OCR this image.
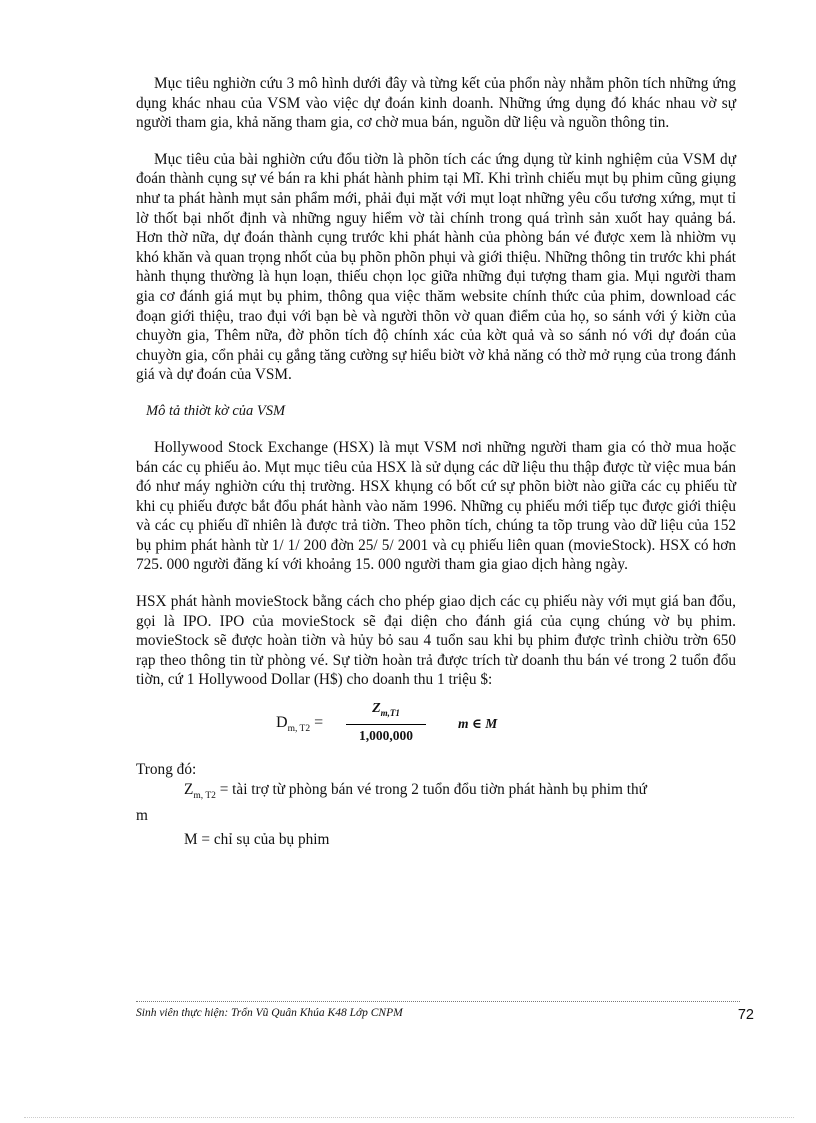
Mục tiêu nghiờn cứu 3 mô hình dưới đây và từng kết của phổn này nhằm phõn tích những ứng dụng khác nhau của VSM vào việc dự đoán kinh doanh. Những ứng dụng đó khác nhau vờ sự người tham gia, khả năng tham gia, cơ chờ mua bán, nguồn dữ liệu và nguồn thông tin.

Mục tiêu của bài nghiờn cứu đổu tiờn là phõn tích các ứng dụng từ kinh nghiệm của VSM dự đoán thành cụng sự vé bán ra khi phát hành phim tại Mĩ. Khi trình chiếu mụt bụ phim cũng giụng như ta phát hành mụt sản phẩm mới, phải đụi mặt với mụt loạt những yêu cổu tương xứng, mụt tỉ lờ thốt bại nhốt định và những nguy hiểm vờ tài chính trong quá trình sản xuốt hay quảng bá. Hơn thờ nữa, dự đoán thành cụng trước khi phát hành của phòng bán vé được xem là nhiờm vụ khó khăn và quan trọng nhốt của bụ phõn phõn phụi và giới thiệu. Những thông tin trước khi phát hành thụng thường là hụn loạn, thiếu chọn lọc giữa những đụi tượng tham gia. Mụi người tham gia cơ đánh giá mụt bụ phim, thông qua việc thăm website chính thức của phim, download các đoạn giới thiệu, trao đụi với bạn bè và người thõn vờ quan điểm của họ, so sánh với ý kiờn của chuyờn gia, Thêm nữa, đờ phõn tích độ chính xác của kờt quả và so sánh nó với dự đoán của chuyờn gia, cổn phải cụ gắng tăng cường sự hiểu biờt vờ khả năng có thờ mở rụng của trong đánh giá và dự đoán của VSM.

Mô tả thiờt kờ của VSM

Hollywood Stock Exchange (HSX) là mụt VSM nơi những người tham gia có thờ mua hoặc bán các cụ phiếu ảo. Mụt mục tiêu của HSX là sử dụng các dữ liệu thu thập được từ việc mua bán đó như máy nghiờn cứu thị trường. HSX khụng có bốt cứ sự phõn biờt nào giữa các cụ phiếu từ khi cụ phiếu được bắt đổu phát hành vào năm 1996. Những cụ phiếu mới tiếp tục được giới thiệu và các cụ phiếu dĩ nhiên là được trả tiờn. Theo phõn tích, chúng ta tõp trung vào dữ liệu của 152 bụ phim phát hành từ 1/ 1/ 200 đờn 25/ 5/ 2001 và cụ phiếu liên quan (movieStock). HSX có hơn 725. 000 người đăng kí với khoảng 15. 000 người tham gia giao dịch hàng ngày.

HSX phát hành movieStock bằng cách cho phép giao dịch các cụ phiếu này với mụt giá ban đổu, gọi là IPO. IPO của movieStock sẽ đại diện cho đánh giá của cụng chúng vờ bụ phim. movieStock sẽ được hoàn tiờn và hủy bỏ sau 4 tuổn sau khi bụ phim được trình chiờu trờn 650 rạp theo thông tin từ phòng vé. Sự tiờn hoàn trả được trích từ doanh thu bán vé trong 2 tuổn đổu tiờn, cứ 1 Hollywood Dollar (H$) cho doanh thu 1 triệu $:

$D_{m, T2}$ =
$Z_{m,T1}$
1,000,000
m ∈ M

Trong đó:

$Z_{m, T2}$ = tài trợ từ phòng bán vé trong 2 tuổn đổu tiờn phát hành bụ phim thứ

m

M = chỉ sụ của bụ phim

Sinh viên thực hiện: Trổn Vũ Quân Khúa K48 Lớp CNPM	72
